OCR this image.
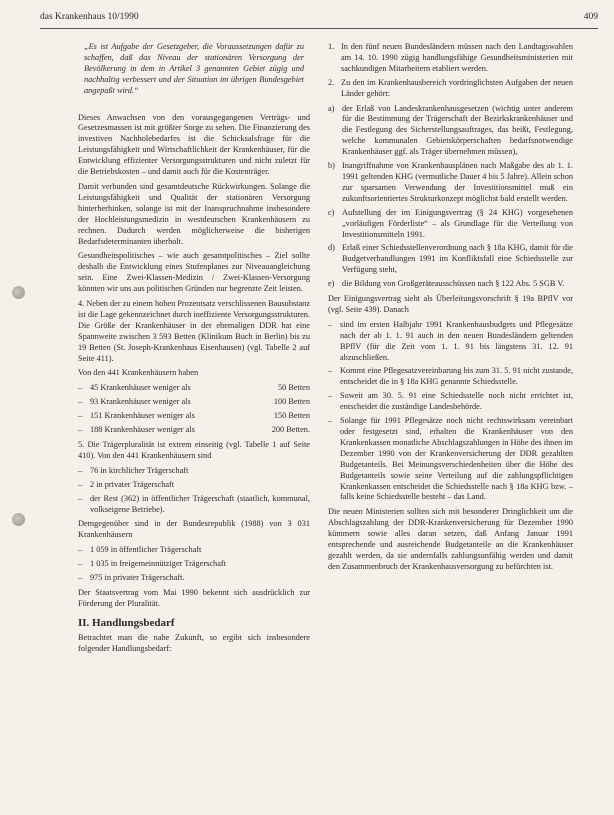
das Krankenhaus 10/1990	409

„Es ist Aufgabe der Gesetzgeber, die Voraussetzungen dafür zu schaffen, daß das Niveau der stationären Versorgung der Bevölkerung in dem in Artikel 3 genannten Gebiet zügig und nachhaltig verbessert und der Situation im übrigen Bundesgebiet angepaßt wird.“

Dieses Anwachsen von den vorausgegangenen Verträgs- und Gesetzesmassen ist mit größter Sorge zu sehen. Die Finanzierung des investiven Nachholebedarfes ist die Schicksalsfrage für die Leistungsfähigkeit und Wirtschaftlichkeit der Krankenhäuser, für die Entwicklung effizienter Versorgungsstrukturen und nicht zuletzt für die Betriebskosten – und damit auch für die Kostenträger.

Damit verbunden sind gesamtdeutsche Rückwirkungen. Solange die Leistungsfähigkeit und Qualität der stationären Versorgung hinterherhinken, solange ist mit der Inanspruchnahme insbesondere der Hochleistungsmedizin in westdeutschen Krankenhäusern zu rechnen. Dadurch werden möglicherweise die bisherigen Bedarfsdeterminanten überholt.

Gesundheitspolitisches – wie auch gesamtpolitisches – Ziel sollte deshalb die Entwicklung eines Stufenplanes zur Niveauangleichung sein. Eine Zwei-Klassen-Medizin / Zwei-Klassen-Versorgung könnten wir uns aus politischen Gründen nur begrenzte Zeit leisten.

4. Neben der zu einem hohen Prozentsatz verschlissenen Bausubstanz ist die Lage gekennzeichnet durch ineffiziente Versorgungsstrukturen. Die Größe der Krankenhäuser in der ehemaligen DDR hat eine Spannweite zwischen 3 593 Betten (Klinikum Buch in Berlin) bis zu 19 Betten (St. Joseph-Krankenhaus Eisenhausen) (vgl. Tabelle 2 auf Seite 411).

Von den 441 Krankenhäusern haben

– 45 Krankenhäuser weniger als	50 Betten
– 93 Krankenhäuser weniger als	100 Betten
– 151 Krankenhäuser weniger als	150 Betten
– 188 Krankenhäuser weniger als	200 Betten.

5. Die Trägerpluralität ist extrem einseitig (vgl. Tabelle 1 auf Seite 410). Von den 441 Krankenhäusern sind

– 76 in kirchlicher Trägerschaft
– 2 in privater Trägerschaft
– der Rest (362) in öffentlicher Trägerschaft (staatlich, kommunal, volkseigene Betriebe).

Demgegenüber sind in der Bundesrepublik (1988) von 3 031 Krankenhäusern

– 1 059 in öffentlicher Trägerschaft
– 1 035 in freigemeinnütziger Trägerschaft
– 975 in privater Trägerschaft.

Der Staatsvertrag vom Mai 1990 bekennt sich ausdrücklich zur Förderung der Pluralität.

II. Handlungsbedarf

Betrachtet man die nahe Zukunft, so ergibt sich insbesondere folgender Handlungsbedarf:

1. In den fünf neuen Bundesländern müssen nach den Landtagswahlen am 14. 10. 1990 zügig handlungsfähige Gesundheitsministerien mit sachkundigen Mitarbeitern etabliert werden.
2. Zu den im Krankenhausbereich vordringlichsten Aufgaben der neuen Länder gehört:
a) der Erlaß von Landeskrankenhausgesetzen (wichtig unter anderem für die Bestimmung der Trägerschaft der Bezirkskrankenhäuser und die Festlegung des Sicherstellungsauftrages, das heißt, Festlegung, welche kommunalen Gebietskörperschaften bedarfsnotwendige Krankenhäuser ggf. als Träger übernehmen müssen),
b) Inangriffnahme von Krankenhausplänen nach Maßgabe des ab 1. 1. 1991 geltenden KHG (vermutliche Dauer 4 bis 5 Jahre). Allein schon zur sparsamen Verwendung der Investitionsmittel muß ein zukunftsorientiertes Strukturkonzept möglichst bald erstellt werden.
c) Aufstellung der im Einigungsvertrag (§ 24 KHG) vorgesehenen „vorläufigen Förderliste“ – als Grundlage für die Verteilung von Investitionsmitteln 1991.
d) Erlaß einer Schiedsstellenverordnung nach § 18a KHG, damit für die Budgetverhandlungen 1991 im Konfliktsfall eine Schiedsstelle zur Verfügung steht,
e) die Bildung von Großgeräteausschüssen nach § 122 Abs. 5 SGB V.

Der Einigungsvertrag sieht als Überleitungsvorschrift § 19a BPflV vor (vgl. Seite 439). Danach

– sind im ersten Halbjahr 1991 Krankenhausbudgets und Pflegesätze nach der ab 1. 1. 91 auch in den neuen Bundesländern geltenden BPflV (für die Zeit vom 1. 1. 91 bis längstens 31. 12. 91 abzuschließen.
– Kommt eine Pflegesatzvereinbarung bis zum 31. 5. 91 nicht zustande, entscheidet die in § 18a KHG genannte Schiedsstelle.
– Soweit am 30. 5. 91 eine Schiedsstelle noch nicht errichtet ist, entscheidet die zuständige Landesbehörde.
– Solange für 1991 Pflegesätze noch nicht rechtswirksam vereinbart oder festgesetzt sind, erhalten die Krankenhäuser von den Krankenkassen monatliche Abschlagszahlungen in Höhe des ihnen im Dezember 1990 von der Krankenversicherung der DDR gezahlten Budgetanteils. Bei Meinungsverschiedenheiten über die Höhe des Budgetanteils sowie seine Verteilung auf die zahlungspflichtigen Krankenkassen entscheidet die Schiedsstelle nach § 18a KHG bzw. – falls keine Schiedsstelle besteht – das Land.

Die neuen Ministerien sollten sich mit besonderer Dringlichkeit um die Abschlagszahlung der DDR-Krankenversicherung für Dezember 1990 kümmern sowie alles daran setzen, daß Anfang Januar 1991 entsprechende und ausreichende Budgetanteile an die Krankenhäuser gezahlt werden, da sie andernfalls zahlungsunfähig werden und damit den Zusammenbruch der Krankenhausversorgung zu befürchten ist.
